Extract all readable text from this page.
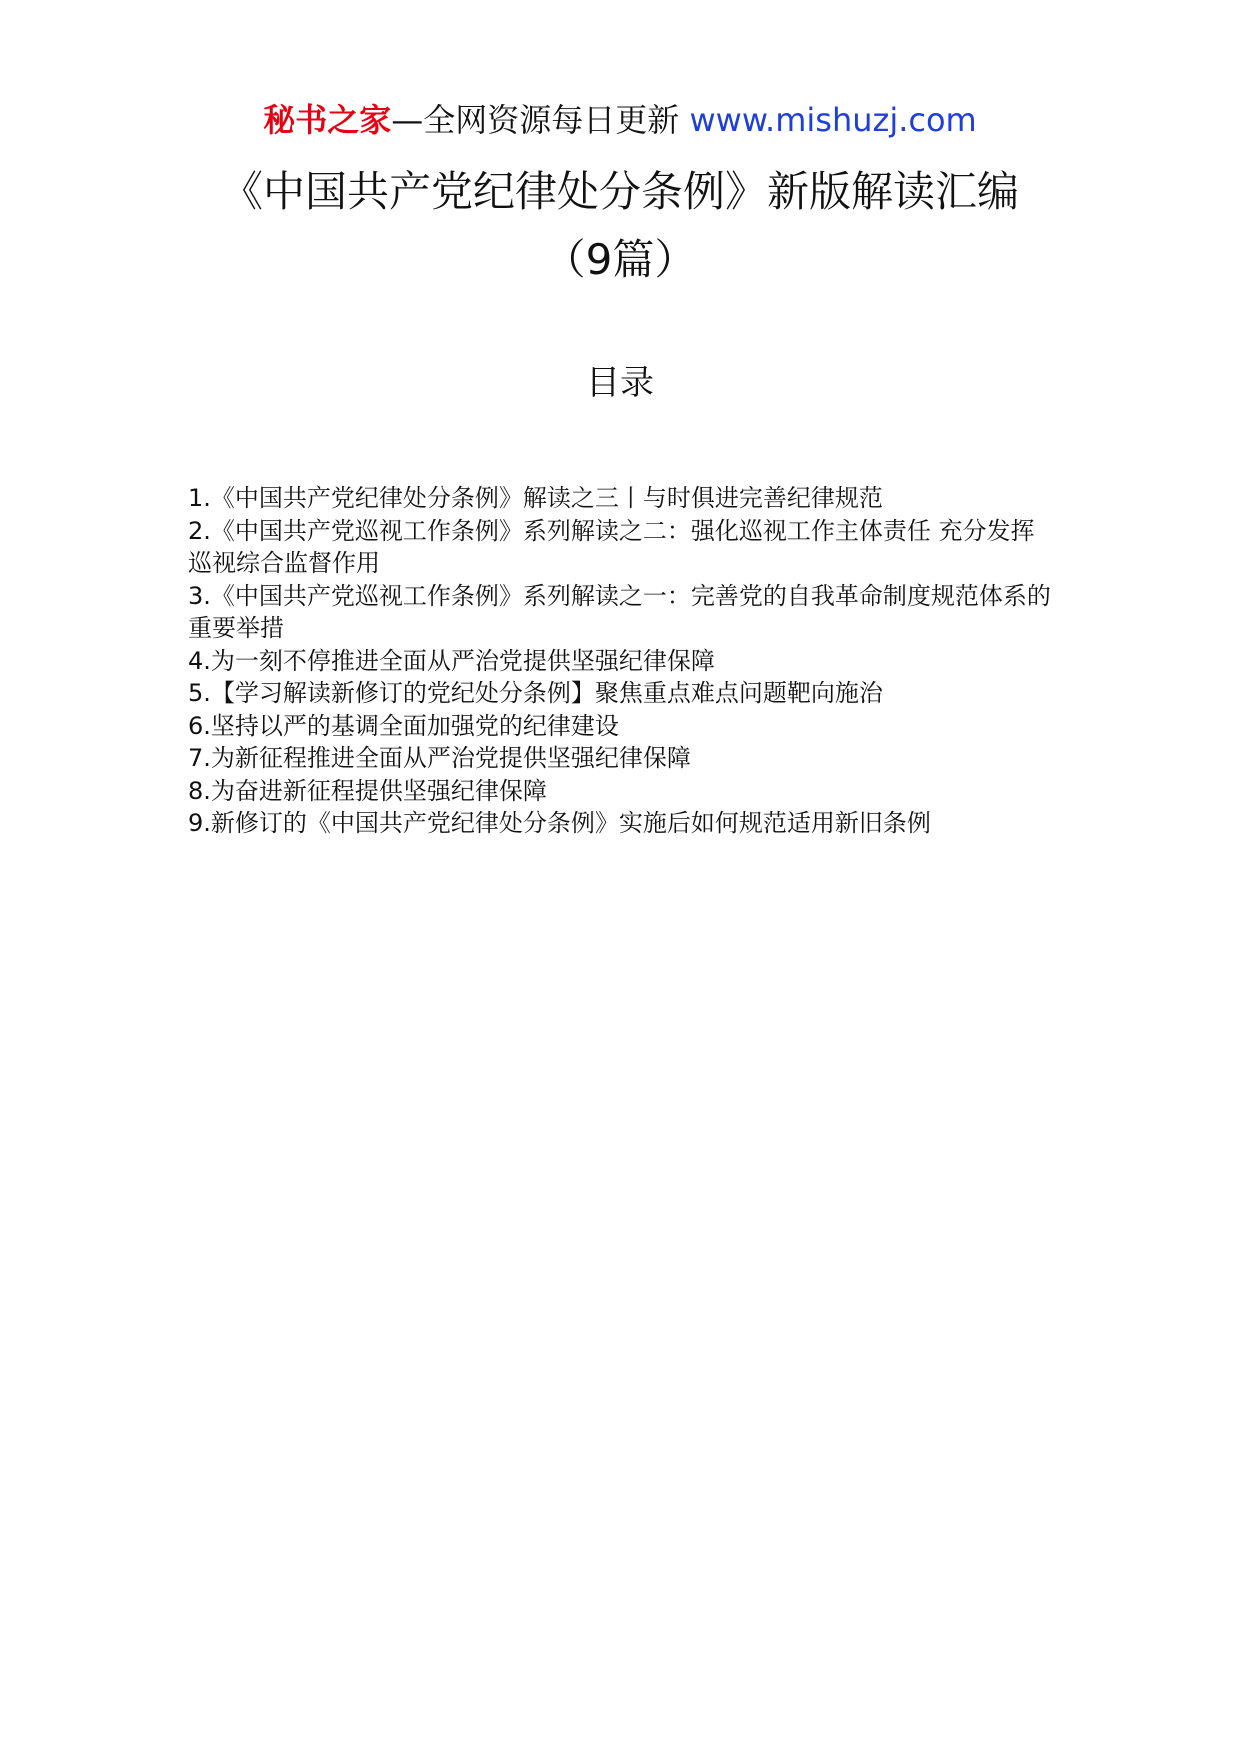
秘书之家—全网资源每日更新 www.mishuzj.com
《中国共产党纪律处分条例》新版解读汇编
（9篇）
目录
1.《中国共产党纪律处分条例》解读之三丨与时俱进完善纪律规范
2.《中国共产党巡视工作条例》系列解读之二：强化巡视工作主体责任 充分发挥巡视综合监督作用
3.《中国共产党巡视工作条例》系列解读之一：完善党的自我革命制度规范体系的重要举措
4.为一刻不停推进全面从严治党提供坚强纪律保障
5.【学习解读新修订的党纪处分条例】聚焦重点难点问题靶向施治
6.坚持以严的基调全面加强党的纪律建设
7.为新征程推进全面从严治党提供坚强纪律保障
8.为奋进新征程提供坚强纪律保障
9.新修订的《中国共产党纪律处分条例》实施后如何规范适用新旧条例
